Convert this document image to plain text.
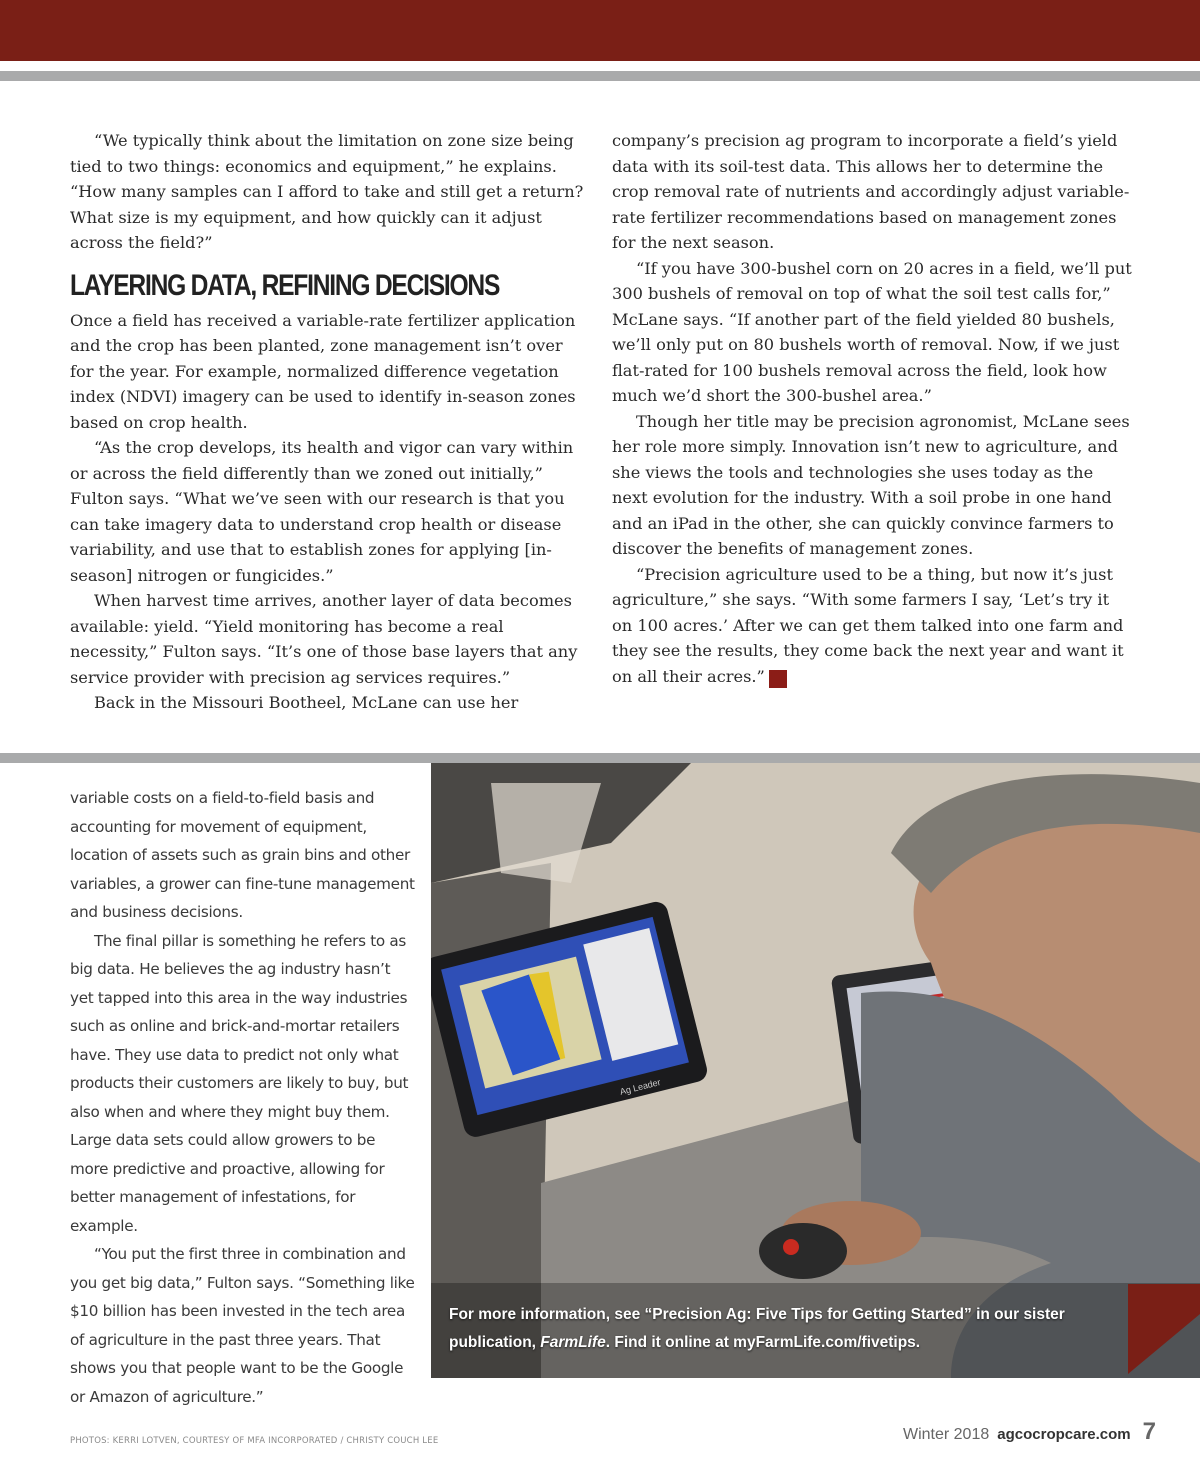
“We typically think about the limitation on zone size being tied to two things: economics and equipment,” he explains. “How many samples can I afford to take and still get a return? What size is my equipment, and how quickly can it adjust across the field?”

LAYERING DATA, REFINING DECISIONS

Once a field has received a variable-rate fertilizer application and the crop has been planted, zone management isn’t over for the year. For example, normalized difference vegetation index (NDVI) imagery can be used to identify in-season zones based on crop health.

“As the crop develops, its health and vigor can vary within or across the field differently than we zoned out initially,” Fulton says. “What we’ve seen with our research is that you can take imagery data to understand crop health or disease variability, and use that to establish zones for applying [in-season] nitrogen or fungicides.”

When harvest time arrives, another layer of data becomes available: yield. “Yield monitoring has become a real necessity,” Fulton says. “It’s one of those base layers that any service provider with precision ag services requires.”

Back in the Missouri Bootheel, McLane can use her

company’s precision ag program to incorporate a field’s yield data with its soil-test data. This allows her to determine the crop removal rate of nutrients and accordingly adjust variable-rate fertilizer recommendations based on management zones for the next season.

“If you have 300-bushel corn on 20 acres in a field, we’ll put 300 bushels of removal on top of what the soil test calls for,” McLane says. “If another part of the field yielded 80 bushels, we’ll only put on 80 bushels worth of removal. Now, if we just flat-rated for 100 bushels removal across the field, look how much we’d short the 300-bushel area.”

Though her title may be precision agronomist, McLane sees her role more simply. Innovation isn’t new to agriculture, and she views the tools and technologies she uses today as the next evolution for the industry. With a soil probe in one hand and an iPad in the other, she can quickly convince farmers to discover the benefits of management zones.

“Precision agriculture used to be a thing, but now it’s just agriculture,” she says. “With some farmers I say, ‘Let’s try it on 100 acres.’ After we can get them talked into one farm and they see the results, they come back the next year and want it on all their acres.” A

variable costs on a field-to-field basis and accounting for movement of equipment, location of assets such as grain bins and other variables, a grower can fine-tune management and business decisions.

The final pillar is something he refers to as big data. He believes the ag industry hasn’t yet tapped into this area in the way industries such as online and brick-and-mortar retailers have. They use data to predict not only what products their customers are likely to buy, but also when and where they might buy them. Large data sets could allow growers to be more predictive and proactive, allowing for better management of infestations, for example.

“You put the first three in combination and you get big data,” Fulton says. “Something like $10 billion has been invested in the tech area of agriculture in the past three years. That shows you that people want to be the Google or Amazon of agriculture.”

Ag Leader
For more information, see “Precision Ag: Five Tips for Getting Started” in our sister publication, FarmLife. Find it online at myFarmLife.com/fivetips.
PHOTOS: KERRI LOTVEN, COURTESY OF MFA INCORPORATED / CHRISTY COUCH LEE	Winter 2018 agcocropcare.com 7
